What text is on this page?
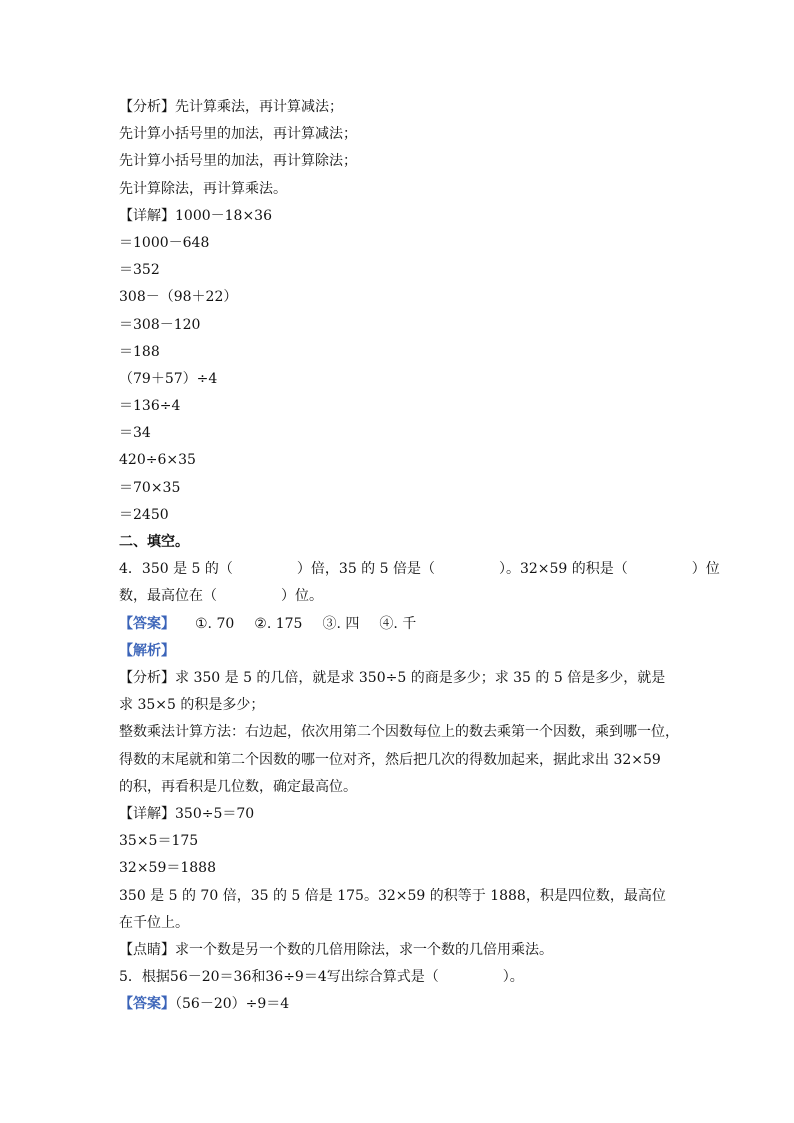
【分析】先计算乘法，再计算减法；
先计算小括号里的加法，再计算减法；
先计算小括号里的加法，再计算除法；
先计算除法，再计算乘法。
【详解】1000－18×36
＝1000－648
＝352
308－（98＋22）
＝308－120
＝188
（79＋57）÷4
＝136÷4
＝34
420÷6×35
＝70×35
＝2450
二、填空。
4．350 是 5 的（	）倍，35 的 5 倍是（	）。32×59 的积是（	）位
数，最高位在（	）位。
【答案】 ①. 70 ②. 175 ③. 四 ④. 千
【解析】
【分析】求 350 是 5 的几倍，就是求 350÷5 的商是多少；求 35 的 5 倍是多少，就是求 35×5 的积是多少；
整数乘法计算方法：右边起，依次用第二个因数每位上的数去乘第一个因数，乘到哪一位，得数的末尾就和第二个因数的哪一位对齐，然后把几次的得数加起来，据此求出 32×59 的积，再看积是几位数，确定最高位。
【详解】350÷5＝70
35×5＝175
32×59＝1888
350 是 5 的 70 倍，35 的 5 倍是 175。32×59 的积等于 1888，积是四位数，最高位在千位上。
【点睛】求一个数是另一个数的几倍用除法，求一个数的几倍用乘法。
5．根据56－20＝36和36÷9＝4写出综合算式是（	）。
【答案】（56－20）÷9＝4
